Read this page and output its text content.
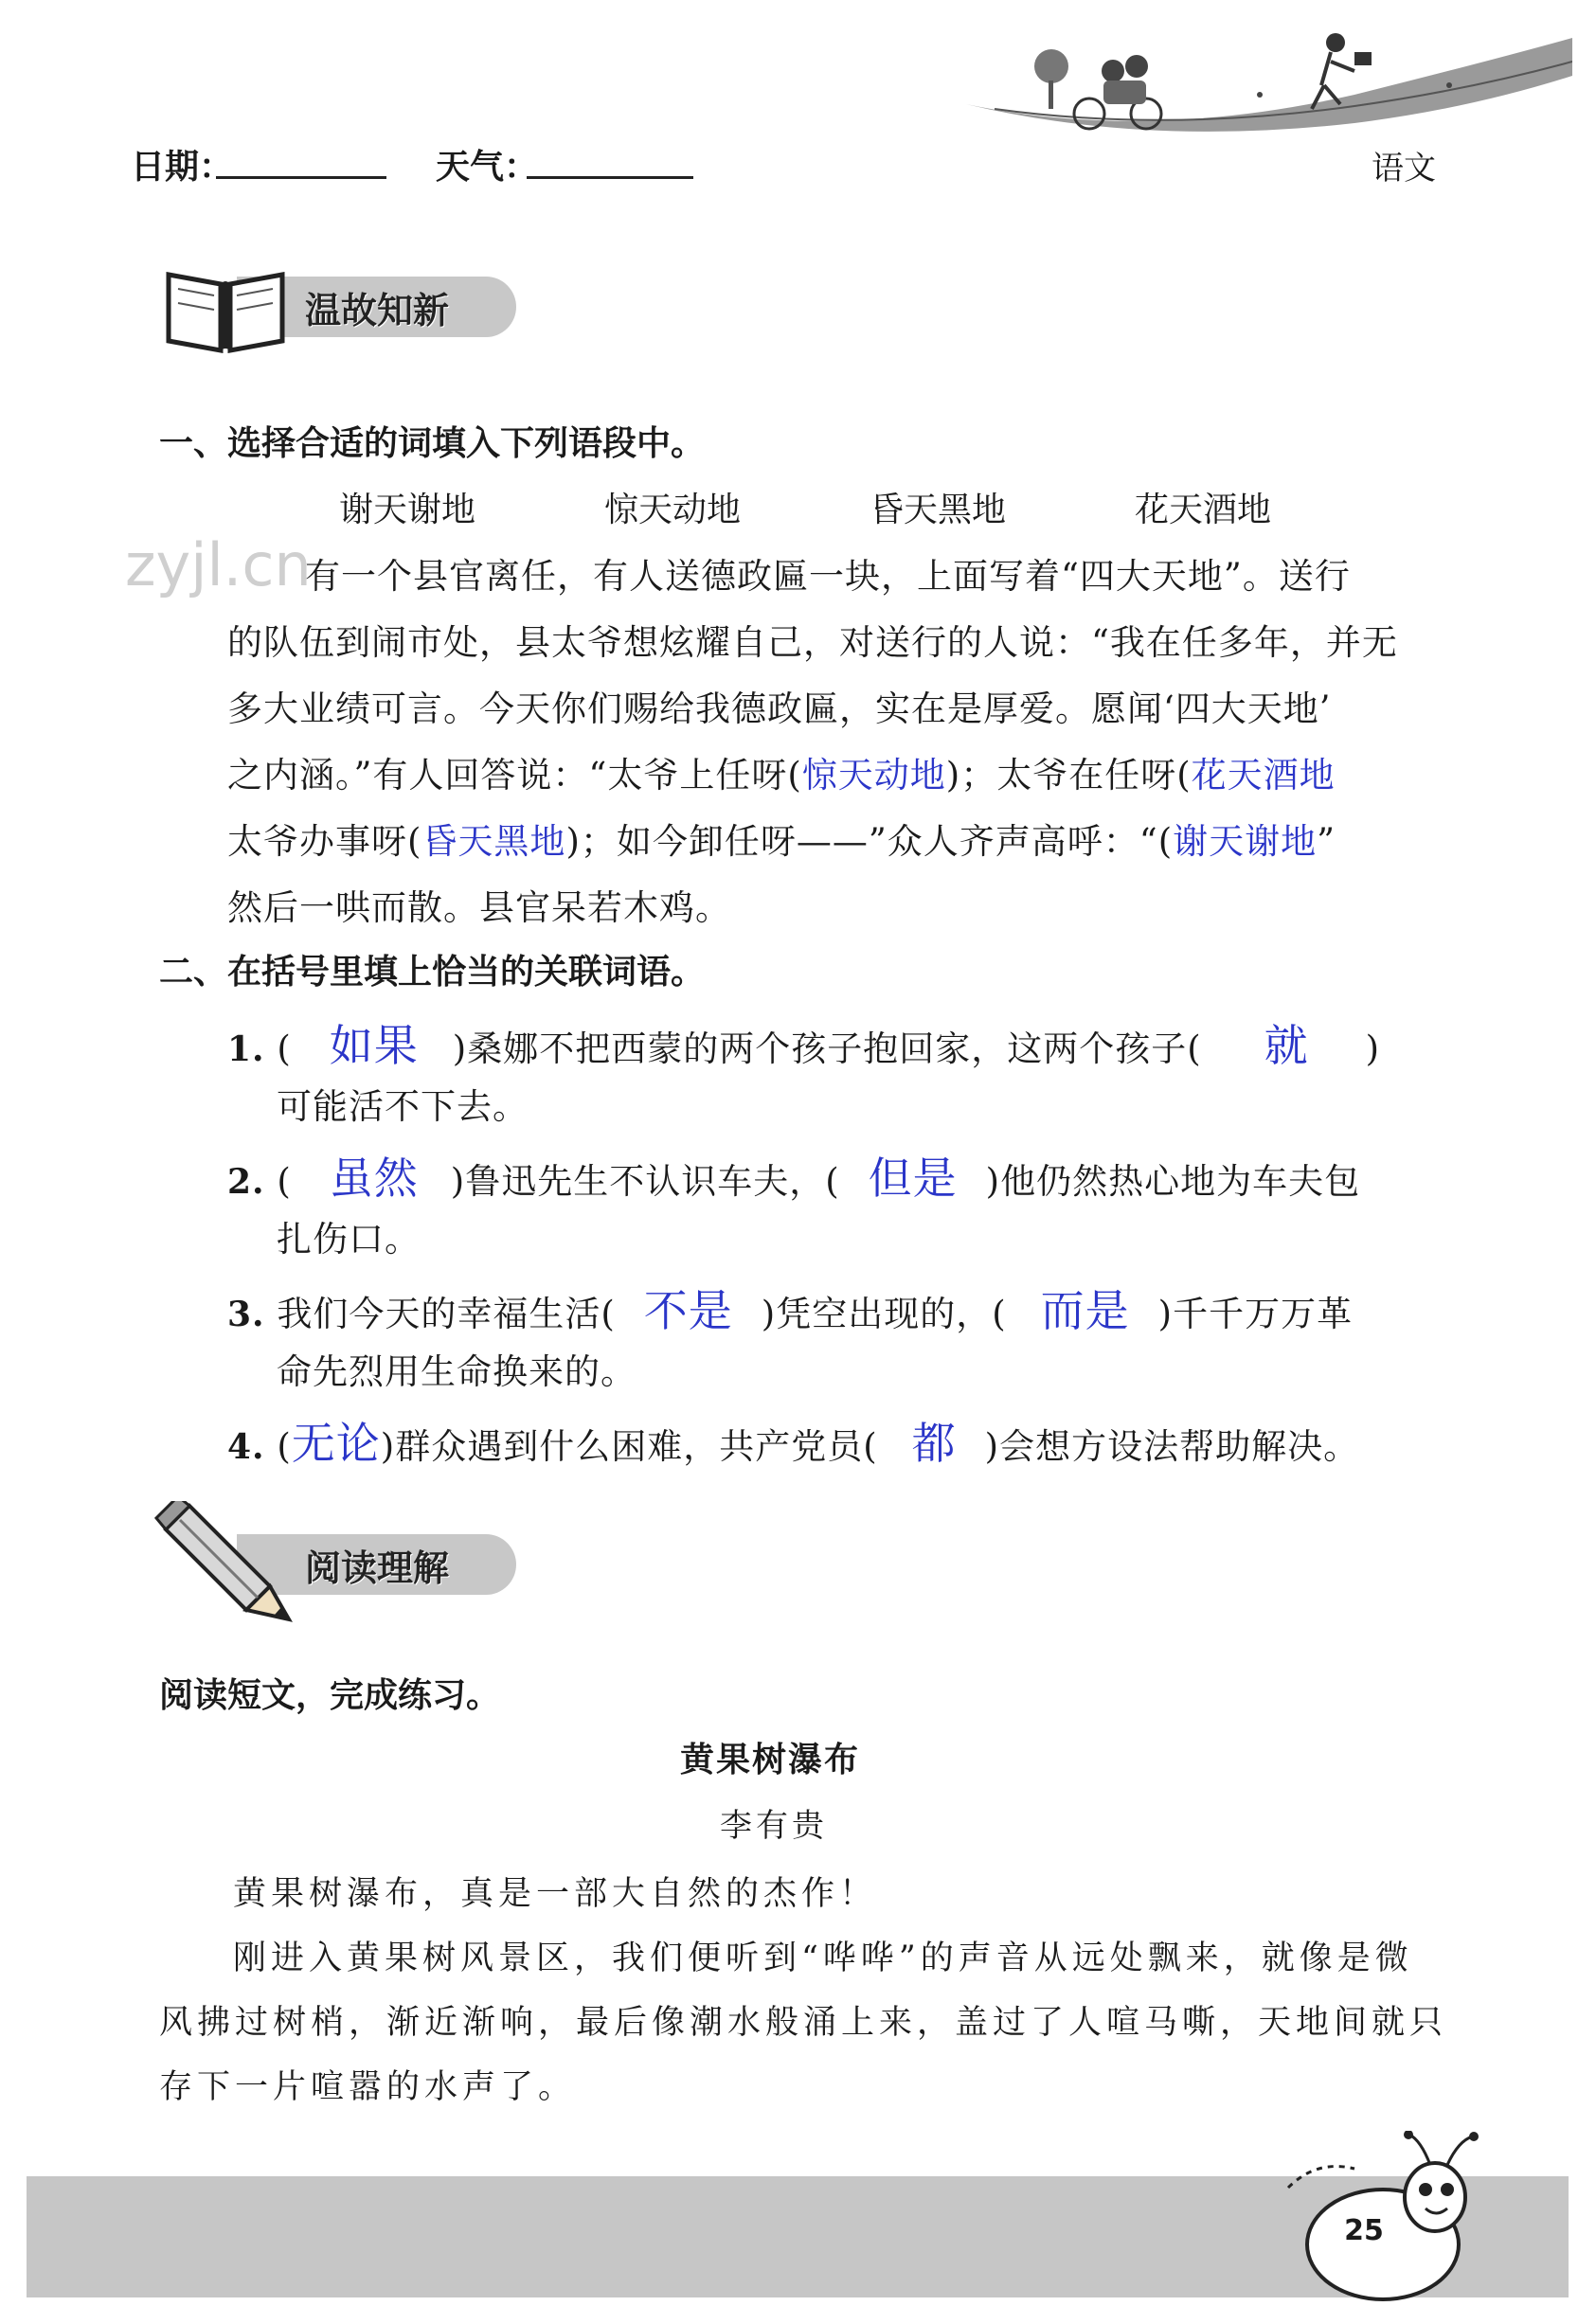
日期：	天气：	语文
zyjl.cn
温故知新
一、选择合适的词填入下列语段中。
谢天谢地	惊天动地	昏天黑地	花天酒地
有一个县官离任，有人送德政匾一块，上面写着“四大天地”。送行
的队伍到闹市处，县太爷想炫耀自己，对送行的人说：“我在任多年，并无
多大业绩可言。今天你们赐给我德政匾，实在是厚爱。愿闻‘四大天地’
之内涵。”有人回答说：“太爷上任呀(惊天动地)；太爷在任呀(花天酒地
太爷办事呀(昏天黑地)；如今卸任呀——”众人齐声高呼：“(谢天谢地”
然后一哄而散。县官呆若木鸡。
二、在括号里填上恰当的关联词语。
1. ( 如果 )桑娜不把西蒙的两个孩子抱回家，这两个孩子( 就 )
可能活不下去。
2. ( 虽然 )鲁迅先生不认识车夫，( 但是 )他仍然热心地为车夫包
扎伤口。
3. 我们今天的幸福生活( 不是 )凭空出现的，( 而是 )千千万万革
命先烈用生命换来的。
4. (无论)群众遇到什么困难，共产党员( 都 )会想方设法帮助解决。
阅读理解
阅读短文，完成练习。
黄果树瀑布
李有贵
黄果树瀑布，真是一部大自然的杰作！
刚进入黄果树风景区，我们便听到“哗哗”的声音从远处飘来，就像是微
风拂过树梢，渐近渐响，最后像潮水般涌上来，盖过了人喧马嘶，天地间就只
存下一片喧嚣的水声了。
25
